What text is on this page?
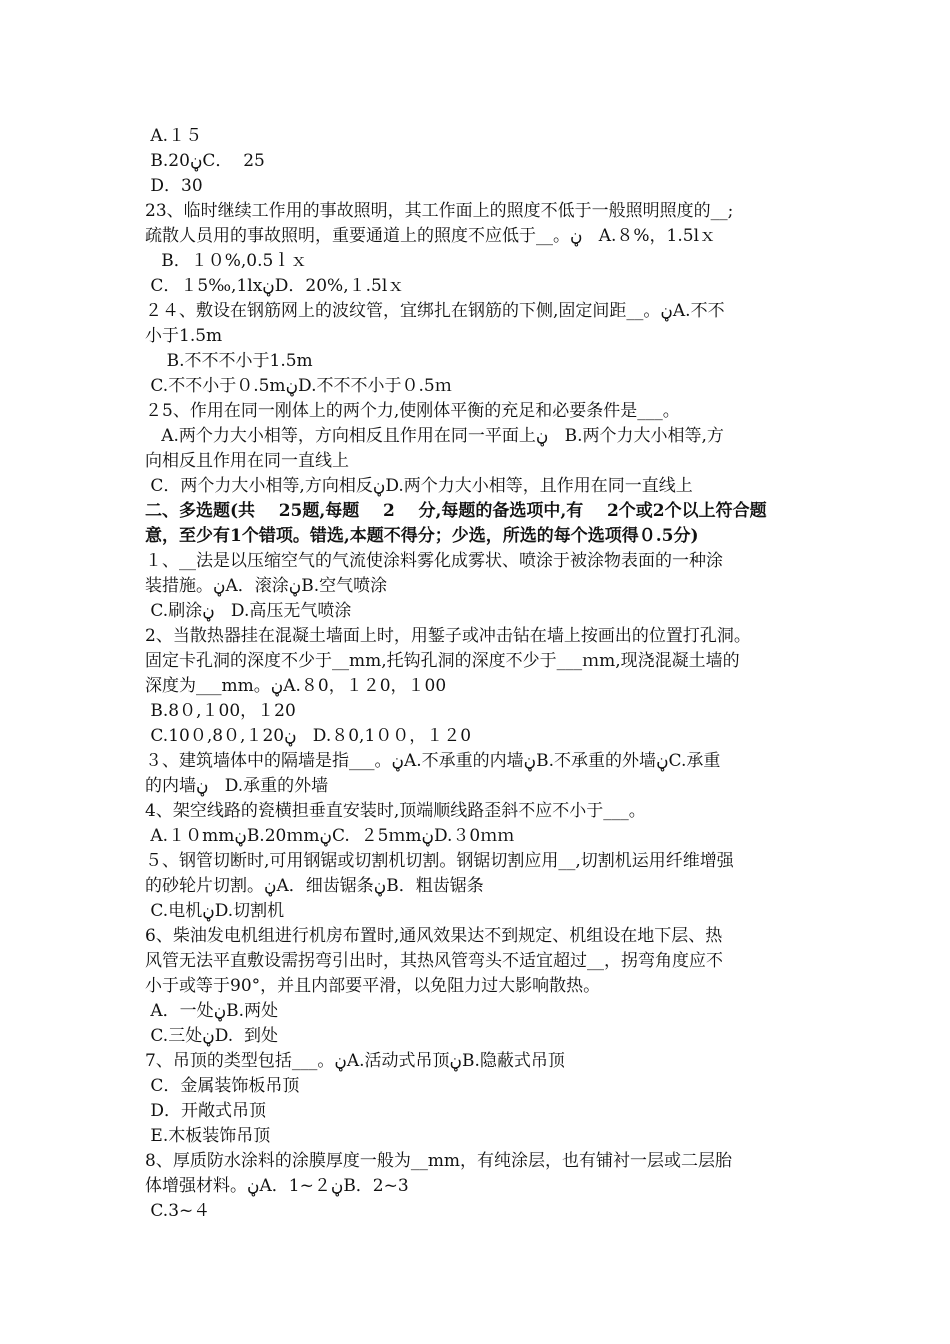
A.１５
B.20ڼC．  25
D．30
23、临时继续工作用的事故照明，其工作面上的照度不低于一般照明照度的__;
疏散人员用的事故照明，重要通道上的照度不应低于__。ڼ   A.８%，1.5lｘ
B．１０%,0.5ｌｘ
C．１5‰,1lxڼD．20%,１.5lｘ
２４、敷设在钢筋网上的波纹管，宜绑扎在钢筋的下侧,固定间距__。ڼA.不不
小于1.5m
B.不不不小于1.5m
C.不不小于０.5mڼD.不不不小于０.5ｍ
２5、作用在同一刚体上的两个力,使刚体平衡的充足和必要条件是___。
A.两个力大小相等，方向相反且作用在同一平面上ڼ   B.两个力大小相等,方
向相反且作用在同一直线上
C．两个力大小相等,方向相反ڼD.两个力大小相等，且作用在同一直线上
二、多选题(共    25题,每题    2    分,每题的备选项中,有    2个或2个以上符合题
意，至少有1个错项。错选,本题不得分；少选，所选的每个选项得０.5分)
１、__法是以压缩空气的气流使涂料雾化成雾状、喷涂于被涂物表面的一种涂
装措施。ڼA．滚涂ڼB.空气喷涂
C.刷涂ڼ   D.高压无气喷涂
2、当散热器挂在混凝土墙面上时，用錾子或冲击钻在墙上按画出的位置打孔洞。
固定卡孔洞的深度不少于__mm,托钩孔洞的深度不少于___ｍm,现浇混凝土墙的
深度为___mm。ڼA.８0，１２0，１00
B.8０,１00，１20
C.10０,8０,１20ڼ   D.８0,1００，１２0
３、建筑墙体中的隔墙是指___。ڼA.不承重的内墙ڼB.不承重的外墙ڼC.承重
的内墙ڼ   D.承重的外墙
4、架空线路的瓷横担垂直安装时,顶端顺线路歪斜不应不小于___。
A.１０mmڼB.20ｍmڼC.  ２5ｍmڼD.３0ｍｍ
５、钢管切断时,可用钢锯或切割机切割。钢锯切割应用__,切割机运用纤维增强
的砂轮片切割。ڼA．细齿锯条ڼB．粗齿锯条
C.电机ڼD.切割机
6、柴油发电机组进行机房布置时,通风效果达不到规定、机组设在地下层、热
风管无法平直敷设需拐弯引出时，其热风管弯头不适宜超过__，拐弯角度应不
小于或等于90°，并且内部要平滑，以免阻力过大影响散热。
A．一处ڼB.两处
C.三处ڼD.  到处
7、吊顶的类型包括___。ڼA.活动式吊顶ڼB.隐蔽式吊顶
C．金属装饰板吊顶
D．开敞式吊顶
E.木板装饰吊顶
8、厚质防水涂料的涂膜厚度一般为__mm，有纯涂层，也有铺衬一层或二层胎
体增强材料。ڼA．1~２ڼB．2~3
C.3~４
